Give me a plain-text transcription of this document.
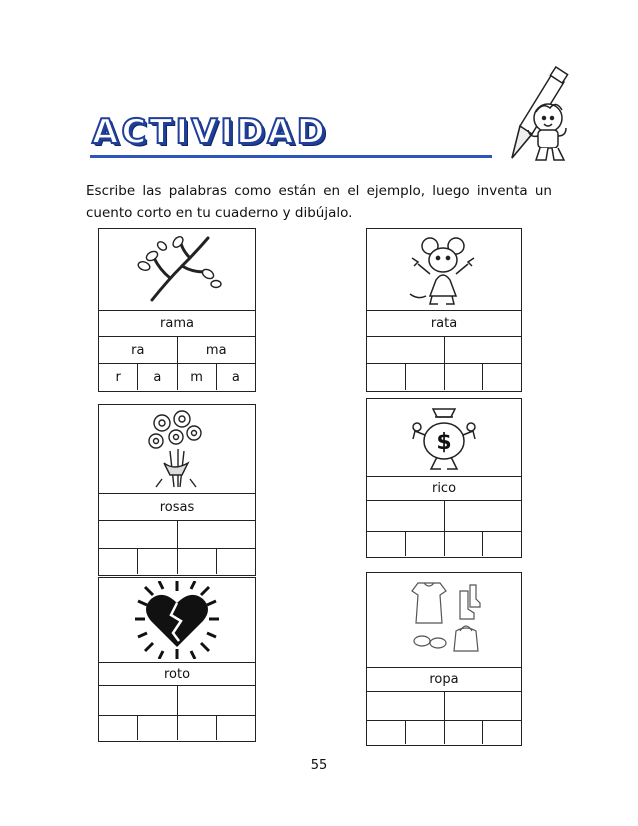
ACTIVIDAD
Escribe las palabras como están en el ejemplo, luego inventa un cuento corto en tu cuaderno y dibújalo.
rama
ra	ma
r	a	m	a
rata
rosas
$
rico
roto	ropa
55
